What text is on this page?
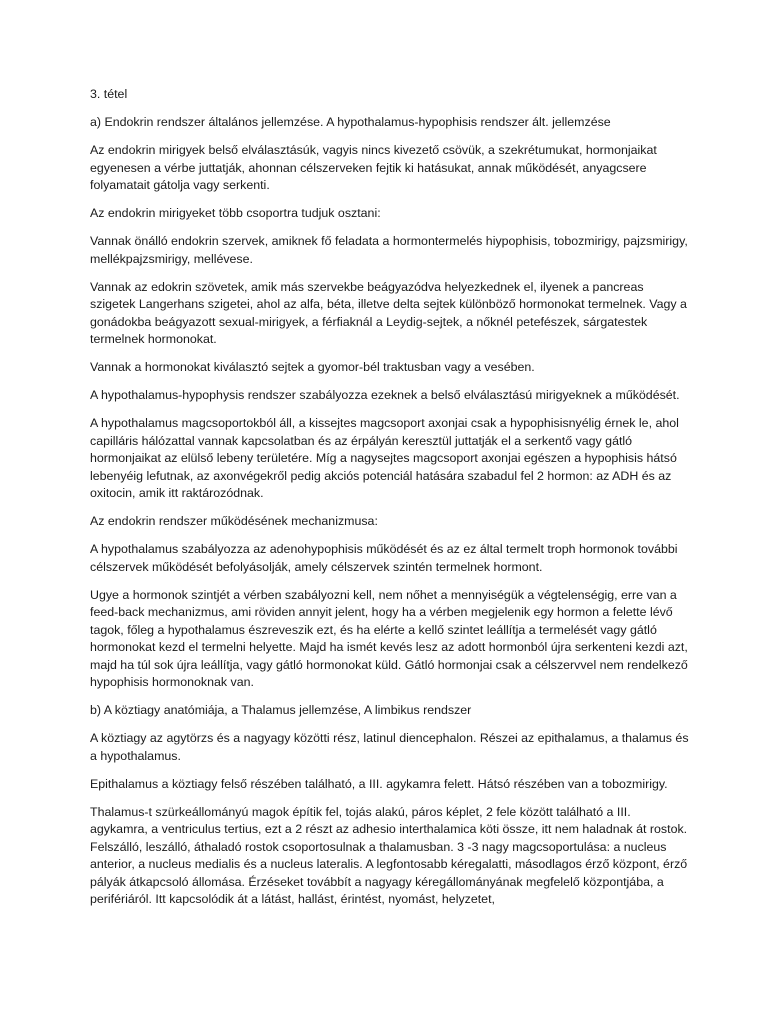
3. tétel

a) Endokrin rendszer általános jellemzése. A hypothalamus-hypophisis rendszer ált. jellemzése

Az endokrin mirigyek belső elválasztásúk, vagyis nincs kivezető csövük, a szekrétumukat, hormonjaikat egyenesen a vérbe juttatják, ahonnan célszerveken fejtik ki hatásukat, annak működését, anyagcsere folyamatait gátolja vagy serkenti.

Az endokrin mirigyeket több csoportra tudjuk osztani:

Vannak önálló endokrin szervek, amiknek fő feladata a hormontermelés hiypophisis, tobozmirigy, pajzsmirigy, mellékpajzsmirigy, mellévese.

Vannak az edokrin szövetek, amik más szervekbe beágyazódva helyezkednek el, ilyenek a pancreas szigetek Langerhans szigetei, ahol az alfa, béta, illetve delta sejtek különböző hormonokat termelnek. Vagy a gonádokba beágyazott sexual-mirigyek, a férfiaknál a Leydig-sejtek, a nőknél petefészek, sárgatestek termelnek hormonokat.

Vannak a hormonokat kiválasztó sejtek a gyomor-bél traktusban vagy a vesében.

A hypothalamus-hypophysis rendszer szabályozza ezeknek a belső elválasztású mirigyeknek a működését.

A hypothalamus magcsoportokból áll, a kissejtes magcsoport axonjai csak a hypophisisnyélig érnek le, ahol capilláris hálózattal vannak kapcsolatban és az érpályán keresztül juttatják el a serkentő vagy gátló hormonjaikat az elülső lebeny területére. Míg a nagysejtes magcsoport axonjai egészen a hypophisis hátsó lebenyéig lefutnak, az axonvégekről pedig akciós potenciál hatására szabadul fel 2 hormon: az ADH és az oxitocin, amik itt raktározódnak.

Az endokrin rendszer működésének mechanizmusa:

A hypothalamus szabályozza az adenohypophisis működését és az ez által termelt troph hormonok további célszervek működését befolyásolják, amely célszervek szintén termelnek hormont.

Ugye a hormonok szintjét a vérben szabályozni kell, nem nőhet a mennyiségük a végtelenségig, erre van a feed-back mechanizmus, ami röviden annyit jelent, hogy ha a vérben megjelenik egy hormon a felette lévő tagok, főleg a hypothalamus észreveszik ezt, és ha elérte a kellő szintet leállítja a termelését vagy gátló hormonokat kezd el termelni helyette. Majd ha ismét kevés lesz az adott hormonból újra serkenteni kezdi azt, majd ha túl sok újra leállítja, vagy gátló hormonokat küld. Gátló hormonjai csak a célszervvel nem rendelkező hypophisis hormonoknak van.

b) A köztiagy anatómiája, a Thalamus jellemzése, A limbikus rendszer

A köztiagy az agytörzs és a nagyagy közötti rész, latinul diencephalon. Részei az epithalamus, a thalamus és a hypothalamus.

Epithalamus a köztiagy felső részében található, a III. agykamra felett. Hátsó részében van a tobozmirigy.

Thalamus-t szürkeállományú magok építik fel, tojás alakú, páros képlet, 2 fele között található a III. agykamra, a ventriculus tertius, ezt a 2 részt az adhesio interthalamica köti össze, itt nem haladnak át rostok. Felszálló, leszálló, áthaladó rostok csoportosulnak a thalamusban. 3 -3 nagy magcsoportulása: a nucleus anterior, a nucleus medialis és a nucleus lateralis. A legfontosabb kéregalatti, másodlagos érző központ, érző pályák átkapcsoló állomása. Érzéseket továbbít a nagyagy kéregállományának megfelelő központjába, a perifériáról. Itt kapcsolódik át a látást, hallást, érintést, nyomást, helyzetet,
